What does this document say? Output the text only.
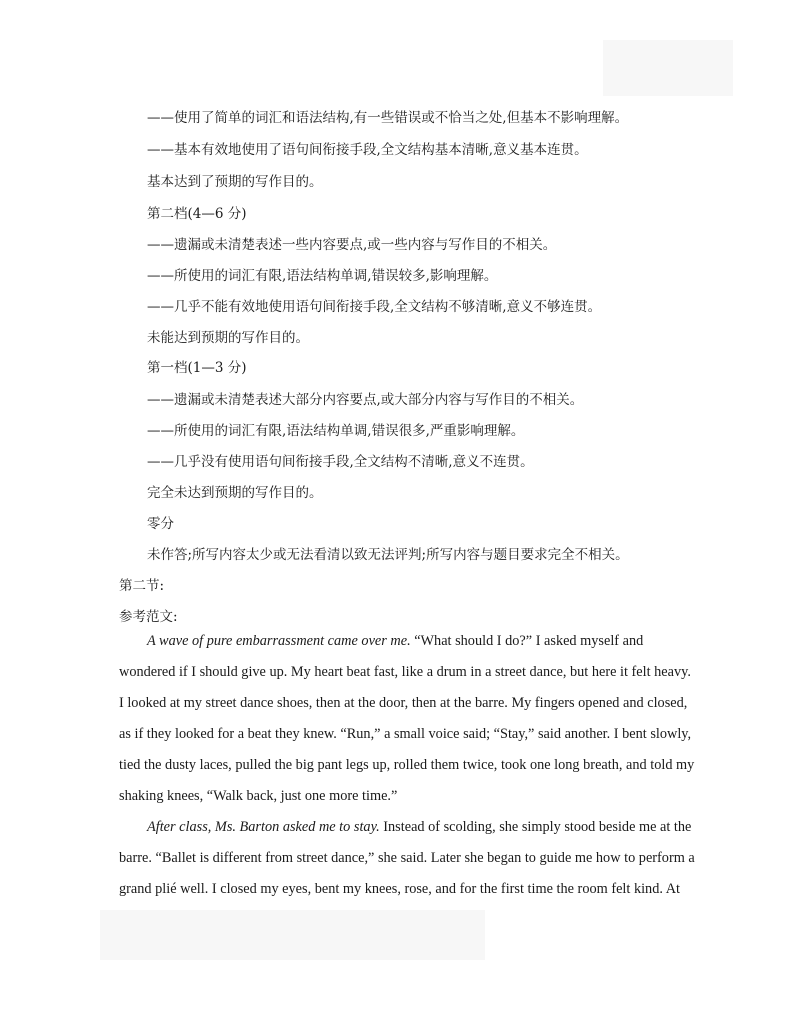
——使用了简单的词汇和语法结构,有一些错误或不恰当之处,但基本不影响理解。
——基本有效地使用了语句间衔接手段,全文结构基本清晰,意义基本连贯。
基本达到了预期的写作目的。
第二档(4—6 分)
——遗漏或未清楚表述一些内容要点,或一些内容与写作目的不相关。
——所使用的词汇有限,语法结构单调,错误较多,影响理解。
——几乎不能有效地使用语句间衔接手段,全文结构不够清晰,意义不够连贯。
未能达到预期的写作目的。
第一档(1—3 分)
——遗漏或未清楚表述大部分内容要点,或大部分内容与写作目的不相关。
——所使用的词汇有限,语法结构单调,错误很多,严重影响理解。
——几乎没有使用语句间衔接手段,全文结构不清晰,意义不连贯。
完全未达到预期的写作目的。
零分
未作答;所写内容太少或无法看清以致无法评判;所写内容与题目要求完全不相关。
第二节:
参考范文:
A wave of pure embarrassment came over me. “What should I do?” I asked myself and
wondered if I should give up. My heart beat fast, like a drum in a street dance, but here it felt heavy.
I looked at my street dance shoes, then at the door, then at the barre. My fingers opened and closed,
as if they looked for a beat they knew. “Run,” a small voice said; “Stay,” said another. I bent slowly,
tied the dusty laces, pulled the big pant legs up, rolled them twice, took one long breath, and told my
shaking knees, “Walk back, just one more time.”
After class, Ms. Barton asked me to stay. Instead of scolding, she simply stood beside me at the
barre. “Ballet is different from street dance,” she said. Later she began to guide me how to perform a
grand plié well. I closed my eyes, bent my knees, rose, and for the first time the room felt kind. At
